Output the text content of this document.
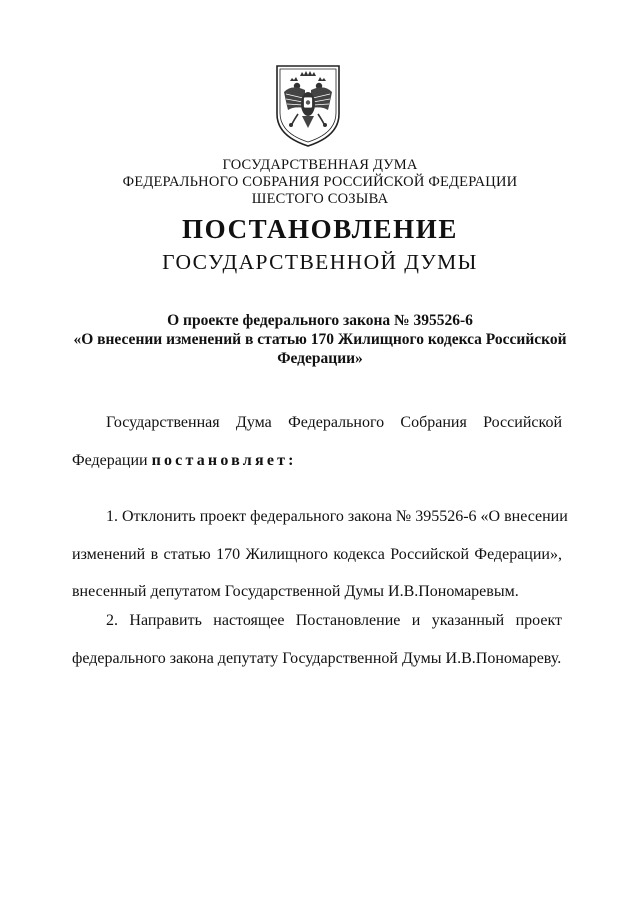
ГОСУДАРСТВЕННАЯ ДУМА
ФЕДЕРАЛЬНОГО СОБРАНИЯ РОССИЙСКОЙ ФЕДЕРАЦИИ
ШЕСТОГО СОЗЫВА
ПОСТАНОВЛЕНИЕ
ГОСУДАРСТВЕННОЙ ДУМЫ
О проекте федерального закона № 395526-6
«О внесении изменений в статью 170 Жилищного кодекса Российской
Федерации»
Государственная Дума Федерального Собрания Российской
Федерации постановляет:
1. Отклонить проект федерального закона № 395526-6 «О внесении
изменений в статью 170 Жилищного кодекса Российской Федерации»,
внесенный депутатом Государственной Думы И.В.Пономаревым.
2. Направить настоящее Постановление и указанный проект
федерального закона депутату Государственной Думы И.В.Пономареву.
